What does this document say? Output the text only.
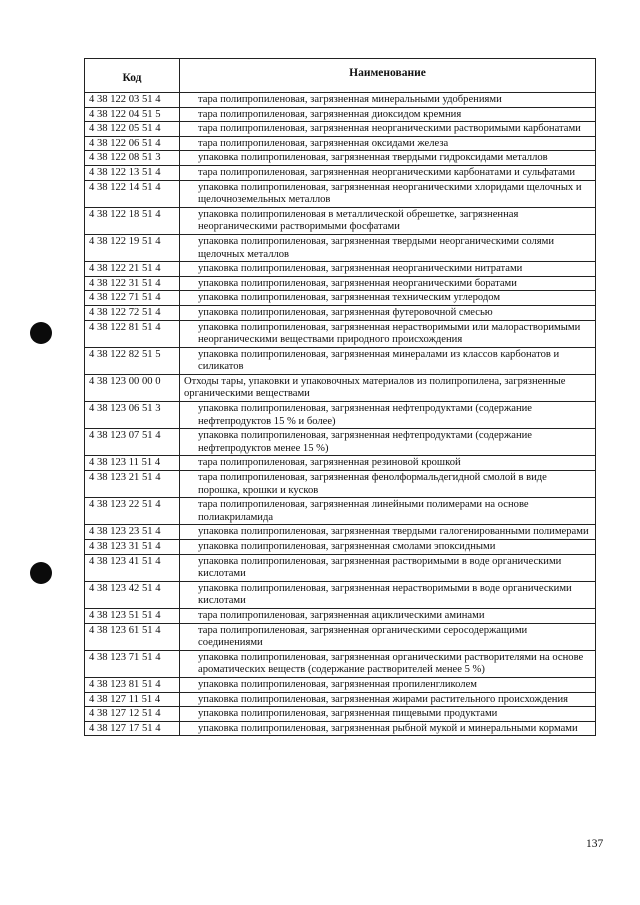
Код	Наименование
4 38 122 03 51 4	тара полипропиленовая, загрязненная минеральными удобрениями
4 38 122 04 51 5	тара полипропиленовая, загрязненная диоксидом кремния
4 38 122 05 51 4	тара полипропиленовая, загрязненная неорганическими растворимыми карбонатами
4 38 122 06 51 4	тара полипропиленовая, загрязненная оксидами железа
4 38 122 08 51 3	упаковка полипропиленовая, загрязненная твердыми гидроксидами металлов
4 38 122 13 51 4	тара полипропиленовая, загрязненная неорганическими карбонатами и сульфатами
4 38 122 14 51 4	упаковка полипропиленовая, загрязненная неорганическими хлоридами щелочных и щелочноземельных металлов
4 38 122 18 51 4	упаковка полипропиленовая в металлической обрешетке, загрязненная неорганическими растворимыми фосфатами
4 38 122 19 51 4	упаковка полипропиленовая, загрязненная твердыми неорганическими солями щелочных металлов
4 38 122 21 51 4	упаковка полипропиленовая, загрязненная неорганическими нитратами
4 38 122 31 51 4	упаковка полипропиленовая, загрязненная неорганическими боратами
4 38 122 71 51 4	упаковка полипропиленовая, загрязненная техническим углеродом
4 38 122 72 51 4	упаковка полипропиленовая, загрязненная футеровочной смесью
4 38 122 81 51 4	упаковка полипропиленовая, загрязненная нерастворимыми или малорастворимыми неорганическими веществами природного происхождения
4 38 122 82 51 5	упаковка полипропиленовая, загрязненная минералами из классов карбонатов и силикатов
4 38 123 00 00 0	Отходы тары, упаковки и упаковочных материалов из полипропилена, загрязненные органическими веществами
4 38 123 06 51 3	упаковка полипропиленовая, загрязненная нефтепродуктами (содержание нефтепродуктов 15 % и более)
4 38 123 07 51 4	упаковка полипропиленовая, загрязненная нефтепродуктами (содержание нефтепродуктов менее 15 %)
4 38 123 11 51 4	тара полипропиленовая, загрязненная резиновой крошкой
4 38 123 21 51 4	тара полипропиленовая, загрязненная фенолформальдегидной смолой в виде порошка, крошки и кусков
4 38 123 22 51 4	тара полипропиленовая, загрязненная линейными полимерами на основе полиакриламида
4 38 123 23 51 4	упаковка полипропиленовая, загрязненная твердыми галогенированными полимерами
4 38 123 31 51 4	упаковка полипропиленовая, загрязненная смолами эпоксидными
4 38 123 41 51 4	упаковка полипропиленовая, загрязненная растворимыми в воде органическими кислотами
4 38 123 42 51 4	упаковка полипропиленовая, загрязненная нерастворимыми в воде органическими кислотами
4 38 123 51 51 4	тара полипропиленовая, загрязненная ациклическими аминами
4 38 123 61 51 4	тара полипропиленовая, загрязненная органическими серосодержащими соединениями
4 38 123 71 51 4	упаковка полипропиленовая, загрязненная органическими растворителями на основе ароматических веществ (содержание растворителей менее 5 %)
4 38 123 81 51 4	упаковка полипропиленовая, загрязненная пропиленгликолем
4 38 127 11 51 4	упаковка полипропиленовая, загрязненная жирами растительного происхождения
4 38 127 12 51 4	упаковка полипропиленовая, загрязненная пищевыми продуктами
4 38 127 17 51 4	упаковка полипропиленовая, загрязненная рыбной мукой и минеральными кормами
137
